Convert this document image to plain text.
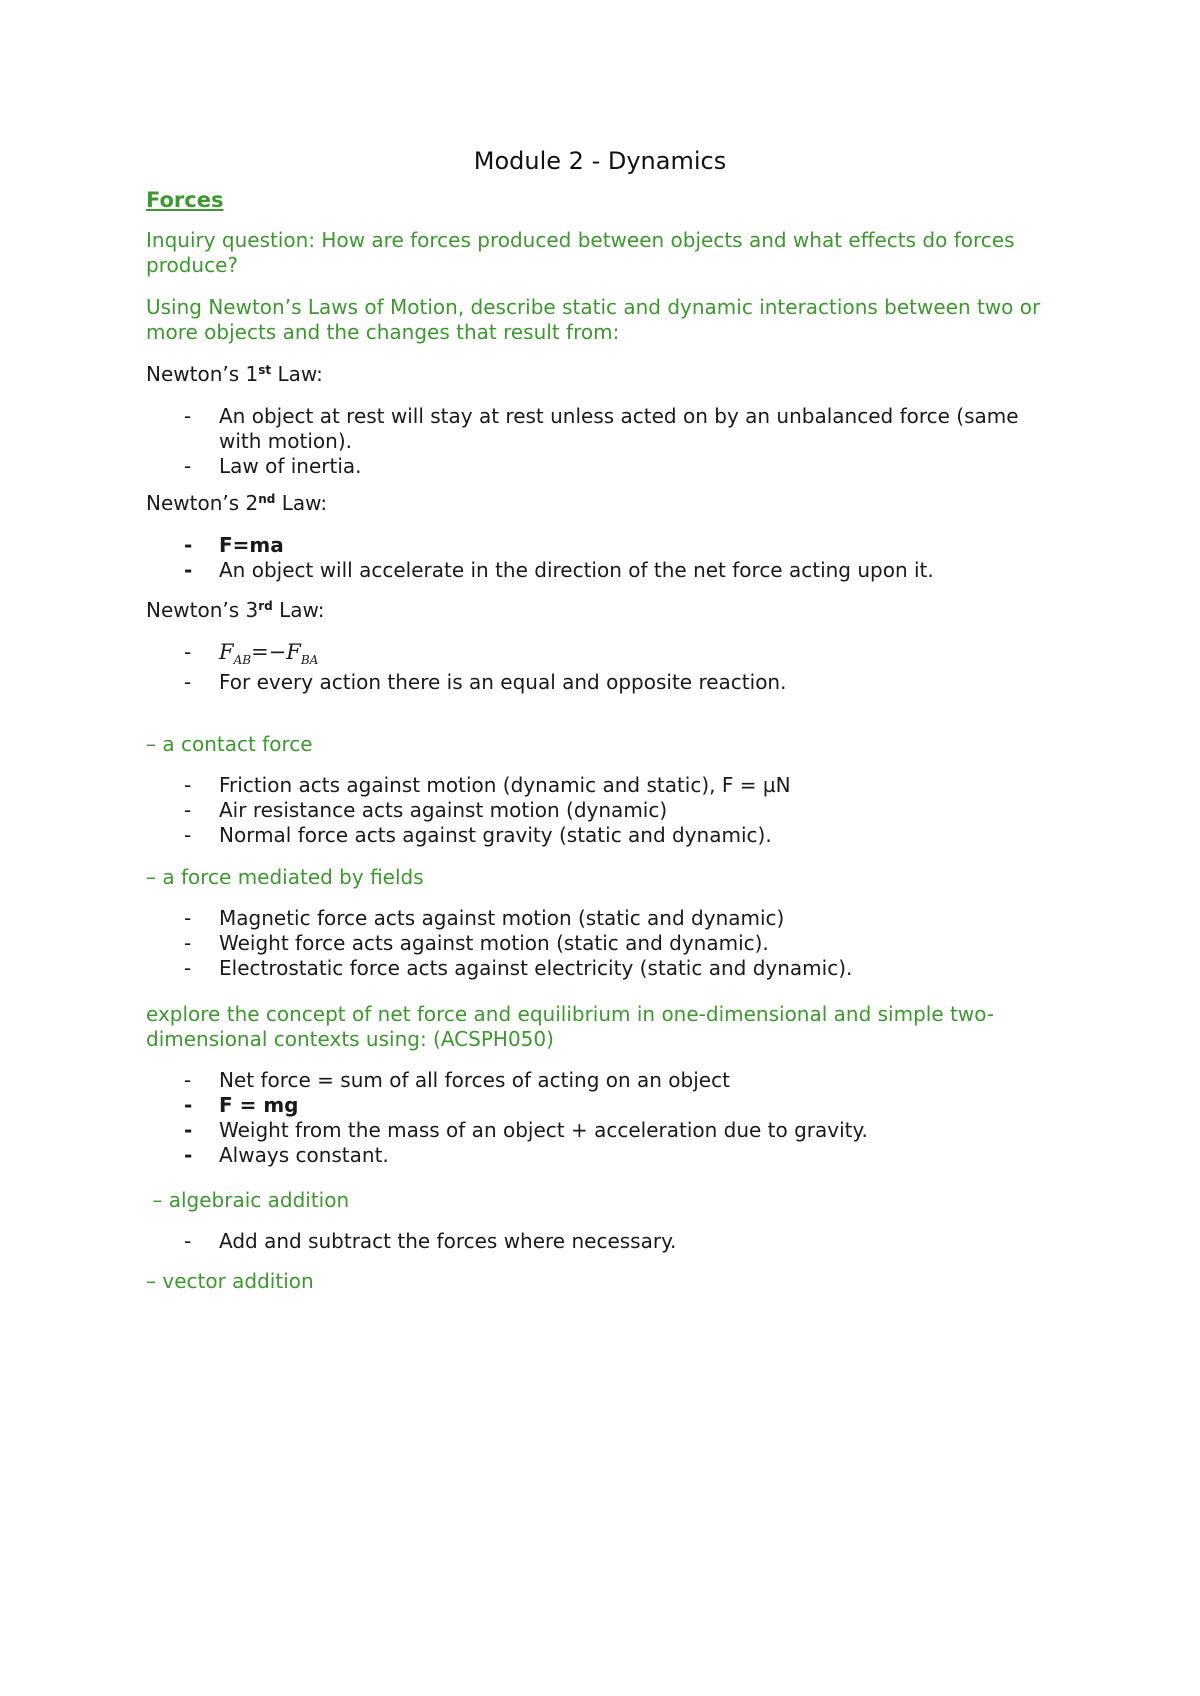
Module 2 - Dynamics
Forces
Inquiry question: How are forces produced between objects and what effects do forces produce?
Using Newton’s Laws of Motion, describe static and dynamic interactions between two or more objects and the changes that result from:
Newton’s 1st Law:
- An object at rest will stay at rest unless acted on by an unbalanced force (same with motion).
- Law of inertia.
Newton’s 2nd Law:
- F=ma
- An object will accelerate in the direction of the net force acting upon it.
Newton’s 3rd Law:
- $F_{AB}=-F_{BA}$
- For every action there is an equal and opposite reaction.
– a contact force
- Friction acts against motion (dynamic and static), F = µN
- Air resistance acts against motion (dynamic)
- Normal force acts against gravity (static and dynamic).
– a force mediated by fields
- Magnetic force acts against motion (static and dynamic)
- Weight force acts against motion (static and dynamic).
- Electrostatic force acts against electricity (static and dynamic).
explore the concept of net force and equilibrium in one-dimensional and simple two-dimensional contexts using: (ACSPH050)
- Net force = sum of all forces of acting on an object
- F = mg
- Weight from the mass of an object + acceleration due to gravity.
- Always constant.
– algebraic addition
- Add and subtract the forces where necessary.
– vector addition
